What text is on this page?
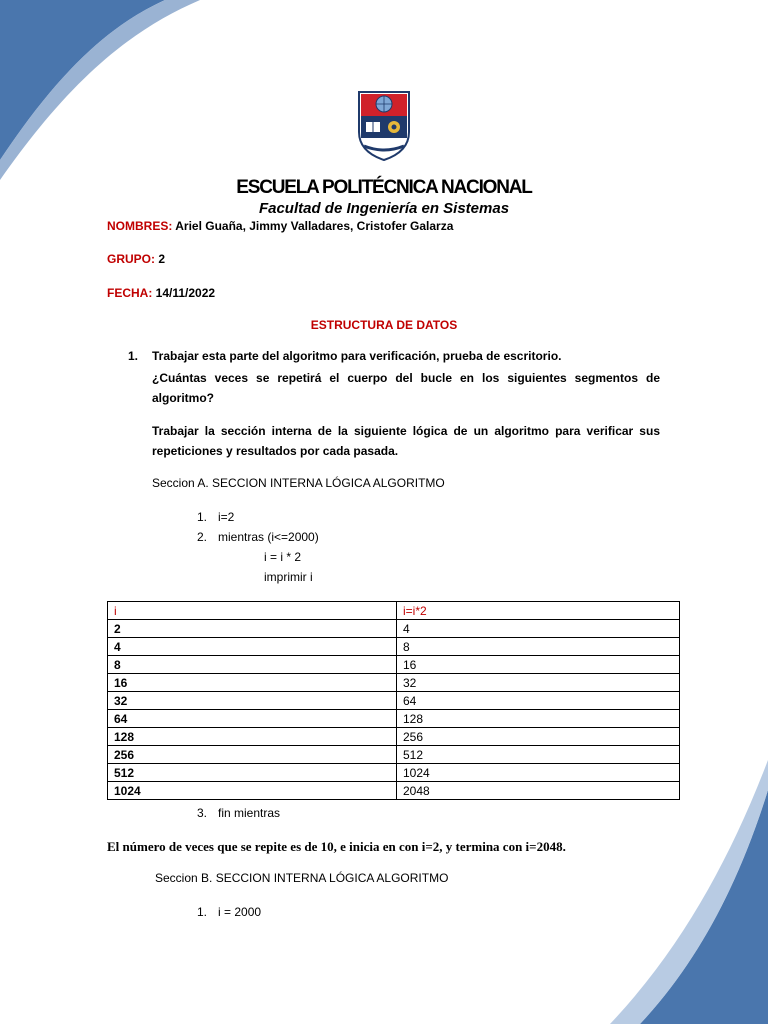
ESCUELA POLITÉCNICA NACIONAL
Facultad de Ingeniería en Sistemas
NOMBRES: Ariel Guaña, Jimmy Valladares, Cristofer Galarza
GRUPO: 2
FECHA: 14/11/2022
ESTRUCTURA DE DATOS
1. Trabajar esta parte del algoritmo para verificación, prueba de escritorio.
¿Cuántas veces se repetirá el cuerpo del bucle en los siguientes segmentos de algoritmo?
Trabajar la sección interna de la siguiente lógica de un algoritmo para verificar sus repeticiones y resultados por cada pasada.
Seccion A. SECCION INTERNA LÓGICA ALGORITMO
1. i=2
2. mientras (i<=2000)
i = i * 2
imprimir i
i	i=i*2
2	4
4	8
8	16
16	32
32	64
64	128
128	256
256	512
512	1024
1024	2048
3. fin mientras
El número de veces que se repite es de 10, e inicia en con i=2, y termina con i=2048.
Seccion B. SECCION INTERNA LÓGICA ALGORITMO
1. i = 2000
